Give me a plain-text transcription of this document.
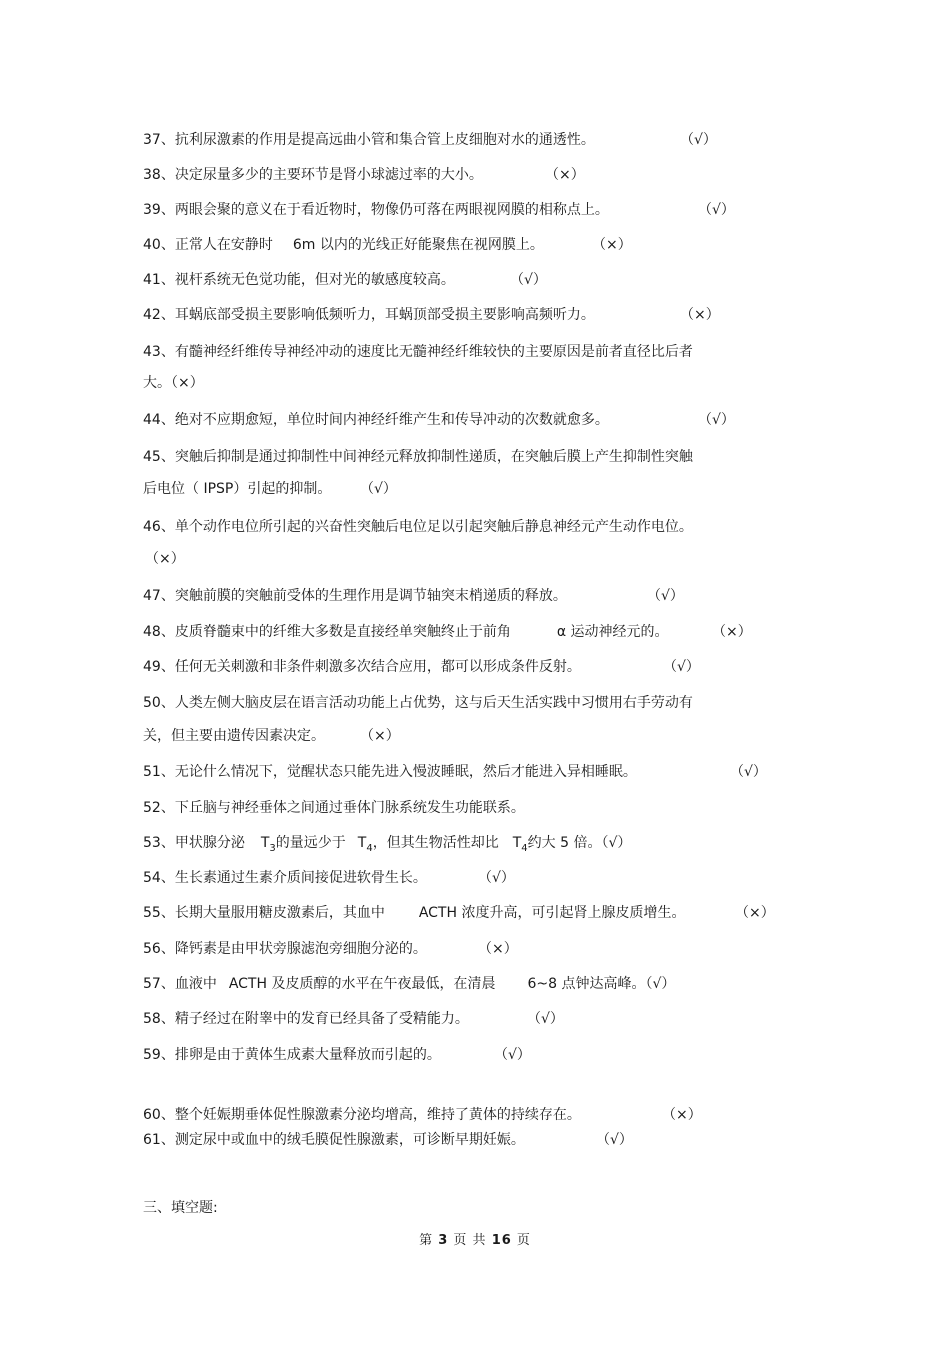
37、抗利尿激素的作用是提高远曲小管和集合管上皮细胞对水的通透性。	（√）
38、决定尿量多少的主要环节是肾小球滤过率的大小。	（×）
39、两眼会聚的意义在于看近物时，物像仍可落在两眼视网膜的相称点上。	（√）
40、正常人在安静时 6m 以内的光线正好能聚焦在视网膜上。	（×）
41、视杆系统无色觉功能，但对光的敏感度较高。	（√）
42、耳蜗底部受损主要影响低频听力，耳蜗顶部受损主要影响高频听力。	（×）
43、有髓神经纤维传导神经冲动的速度比无髓神经纤维较快的主要原因是前者直径比后者
大。（×）
44、绝对不应期愈短，单位时间内神经纤维产生和传导冲动的次数就愈多。	（√）
45、突触后抑制是通过抑制性中间神经元释放抑制性递质，在突触后膜上产生抑制性突触
后电位（ IPSP）引起的抑制。 （√）
46、单个动作电位所引起的兴奋性突触后电位足以引起突触后静息神经元产生动作电位。
（×）
47、突触前膜的突触前受体的生理作用是调节轴突末梢递质的释放。	（√）
48、皮质脊髓束中的纤维大多数是直接经单突触终止于前角	α 运动神经元的。	（×）
49、任何无关刺激和非条件刺激多次结合应用，都可以形成条件反射。	（√）
50、人类左侧大脑皮层在语言活动功能上占优势，这与后天生活实践中习惯用右手劳动有
关，但主要由遗传因素决定。	（×）
51、无论什么情况下，觉醒状态只能先进入慢波睡眠，然后才能进入异相睡眠。	（√）
52、下丘脑与神经垂体之间通过垂体门脉系统发生功能联系。
53、甲状腺分泌 $T_3$的量远少于 $T_4$，但其生物活性却比 $T_4$约大 5 倍。（√）
54、生长素通过生素介质间接促进软骨生长。	（√）
55、长期大量服用糖皮激素后，其血中 ACTH 浓度升高，可引起肾上腺皮质增生。	（×）
56、降钙素是由甲状旁腺滤泡旁细胞分泌的。	（×）
57、血液中 ACTH 及皮质醇的水平在午夜最低，在清晨 6~8 点钟达高峰。（√）
58、精子经过在附睾中的发育已经具备了受精能力。	（√）
59、排卵是由于黄体生成素大量释放而引起的。	（√）
60、整个妊娠期垂体促性腺激素分泌均增高，维持了黄体的持续存在。	（×）
61、测定尿中或血中的绒毛膜促性腺激素，可诊断早期妊娠。	（√）
三、填空题:
第 3 页 共 16 页
